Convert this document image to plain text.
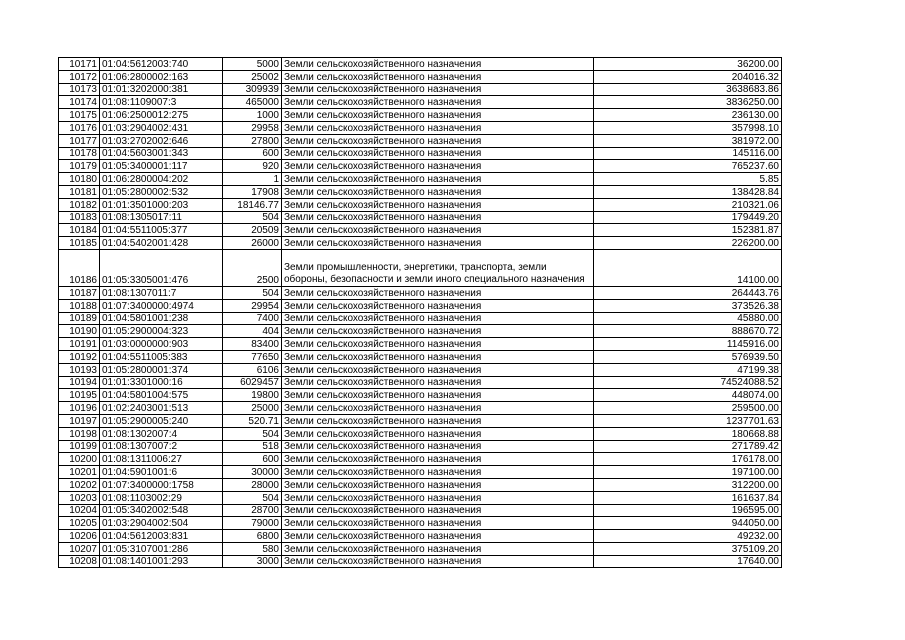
10171	01:04:5612003:740	5000	Земли сельскохозяйственного назначения	36200.00
10172	01:06:2800002:163	25002	Земли сельскохозяйственного назначения	204016.32
10173	01:01:3202000:381	309939	Земли сельскохозяйственного назначения	3638683.86
10174	01:08:1109007:3	465000	Земли сельскохозяйственного назначения	3836250.00
10175	01:06:2500012:275	1000	Земли сельскохозяйственного назначения	236130.00
10176	01:03:2904002:431	29958	Земли сельскохозяйственного назначения	357998.10
10177	01:03:2702002:646	27800	Земли сельскохозяйственного назначения	381972.00
10178	01:04:5603001:343	600	Земли сельскохозяйственного назначения	145116.00
10179	01:05:3400001:117	920	Земли сельскохозяйственного назначения	765237.60
10180	01:06:2800004:202	1	Земли сельскохозяйственного назначения	5.85
10181	01:05:2800002:532	17908	Земли сельскохозяйственного назначения	138428.84
10182	01:01:3501000:203	18146.77	Земли сельскохозяйственного назначения	210321.06
10183	01:08:1305017:11	504	Земли сельскохозяйственного назначения	179449.20
10184	01:04:5511005:377	20509	Земли сельскохозяйственного назначения	152381.87
10185	01:04:5402001:428	26000	Земли сельскохозяйственного назначения	226200.00
10186	01:05:3305001:476	2500	Земли промышленности, энергетики, транспорта, земли обороны, безопасности и земли иного специального назначения	14100.00
10187	01:08:1307011:7	504	Земли сельскохозяйственного назначения	264443.76
10188	01:07:3400000:4974	29954	Земли сельскохозяйственного назначения	373526.38
10189	01:04:5801001:238	7400	Земли сельскохозяйственного назначения	45880.00
10190	01:05:2900004:323	404	Земли сельскохозяйственного назначения	888670.72
10191	01:03:0000000:903	83400	Земли сельскохозяйственного назначения	1145916.00
10192	01:04:5511005:383	77650	Земли сельскохозяйственного назначения	576939.50
10193	01:05:2800001:374	6106	Земли сельскохозяйственного назначения	47199.38
10194	01:01:3301000:16	6029457	Земли сельскохозяйственного назначения	74524088.52
10195	01:04:5801004:575	19800	Земли сельскохозяйственного назначения	448074.00
10196	01:02:2403001:513	25000	Земли сельскохозяйственного назначения	259500.00
10197	01:05:2900005:240	520.71	Земли сельскохозяйственного назначения	1237701.63
10198	01:08:1302007:4	504	Земли сельскохозяйственного назначения	180668.88
10199	01:08:1307007:2	518	Земли сельскохозяйственного назначения	271789.42
10200	01:08:1311006:27	600	Земли сельскохозяйственного назначения	176178.00
10201	01:04:5901001:6	30000	Земли сельскохозяйственного назначения	197100.00
10202	01:07:3400000:1758	28000	Земли сельскохозяйственного назначения	312200.00
10203	01:08:1103002:29	504	Земли сельскохозяйственного назначения	161637.84
10204	01:05:3402002:548	28700	Земли сельскохозяйственного назначения	196595.00
10205	01:03:2904002:504	79000	Земли сельскохозяйственного назначения	944050.00
10206	01:04:5612003:831	6800	Земли сельскохозяйственного назначения	49232.00
10207	01:05:3107001:286	580	Земли сельскохозяйственного назначения	375109.20
10208	01:08:1401001:293	3000	Земли сельскохозяйственного назначения	17640.00
